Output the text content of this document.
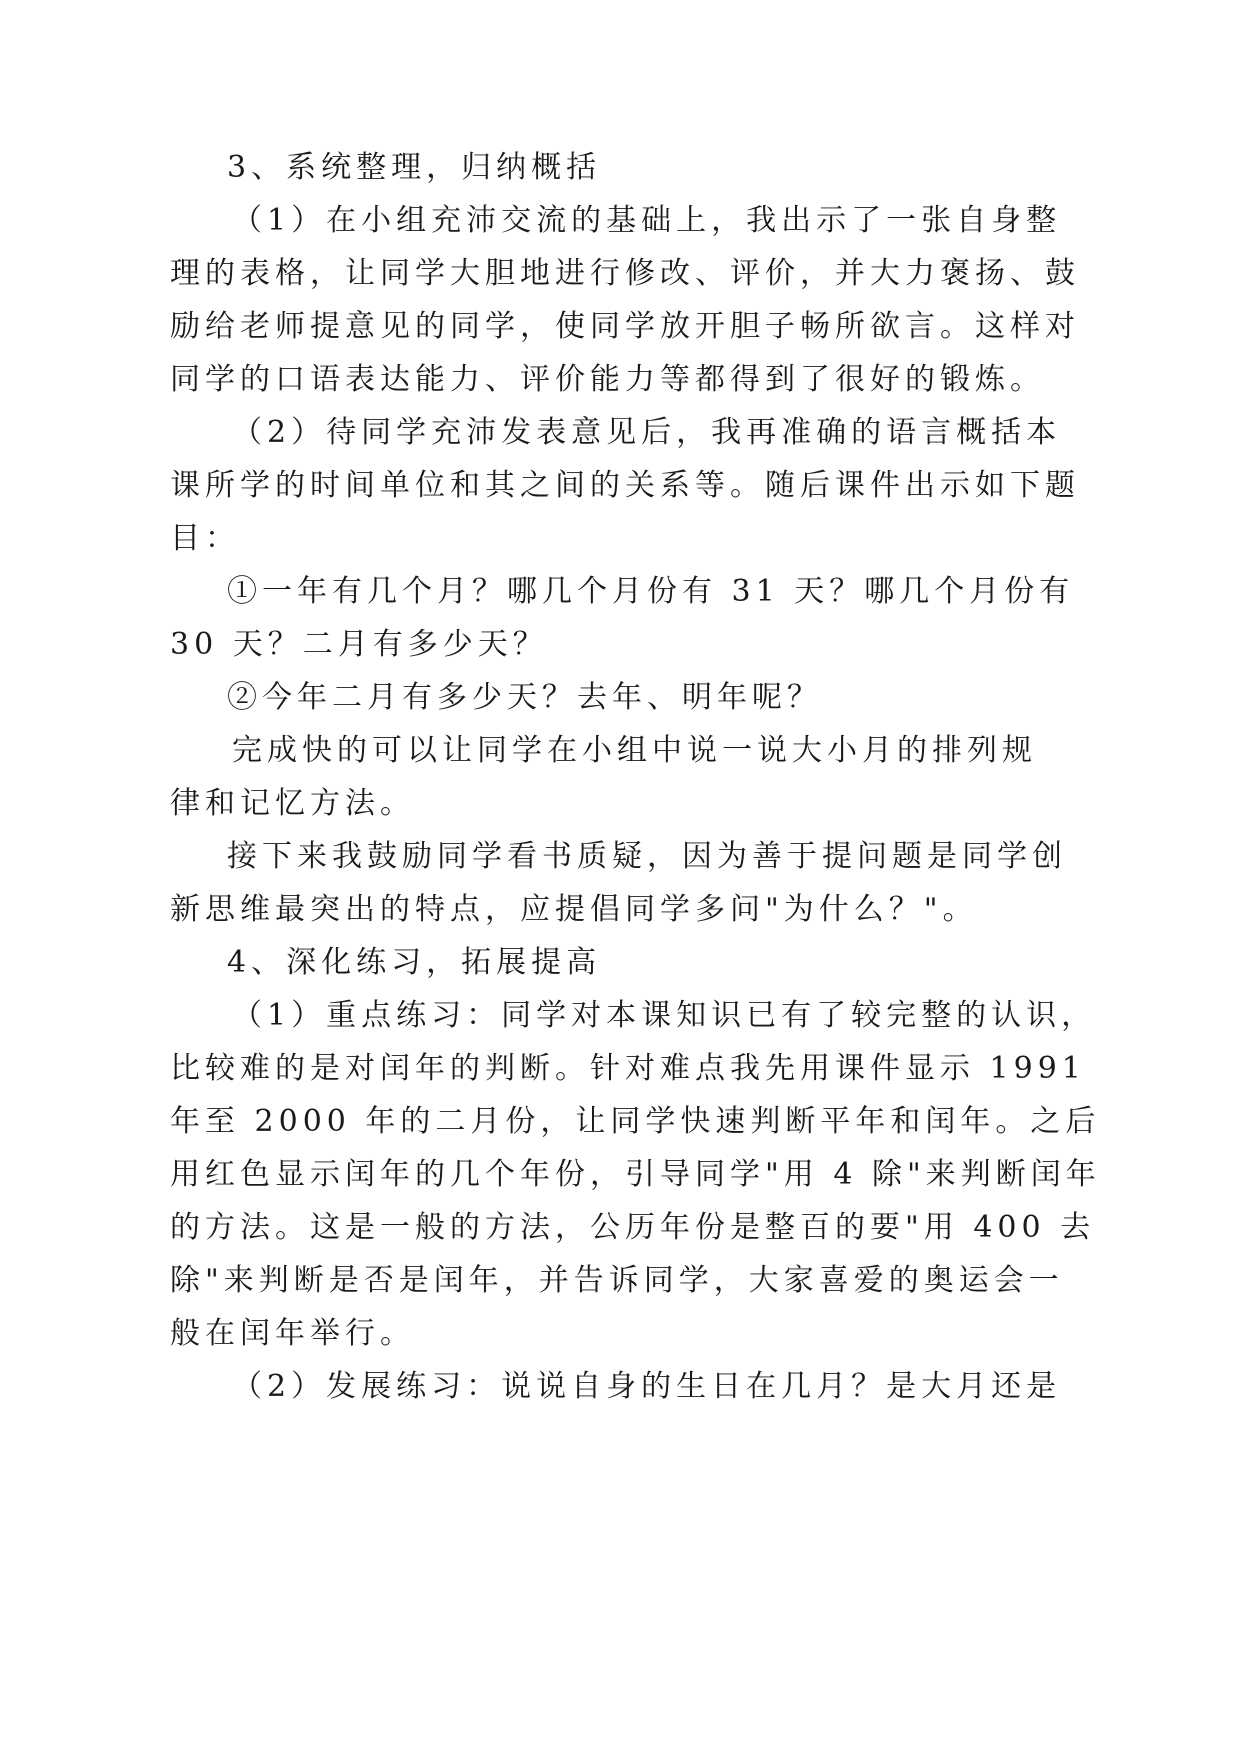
3、系统整理，归纳概括
（1）在小组充沛交流的基础上，我出示了一张自身整
理的表格，让同学大胆地进行修改、评价，并大力褒扬、鼓
励给老师提意见的同学，使同学放开胆子畅所欲言。这样对
同学的口语表达能力、评价能力等都得到了很好的锻炼。
（2）待同学充沛发表意见后，我再准确的语言概括本
课所学的时间单位和其之间的关系等。随后课件出示如下题
目：
①一年有几个月？哪几个月份有 31 天？哪几个月份有
30 天？二月有多少天？
②今年二月有多少天？去年、明年呢？
完成快的可以让同学在小组中说一说大小月的排列规
律和记忆方法。
接下来我鼓励同学看书质疑，因为善于提问题是同学创
新思维最突出的特点，应提倡同学多问"为什么？"。
4、深化练习，拓展提高
（1）重点练习：同学对本课知识已有了较完整的认识，
比较难的是对闰年的判断。针对难点我先用课件显示 1991
年至 2000 年的二月份，让同学快速判断平年和闰年。之后
用红色显示闰年的几个年份，引导同学"用 4 除"来判断闰年
的方法。这是一般的方法，公历年份是整百的要"用 400 去
除"来判断是否是闰年，并告诉同学，大家喜爱的奥运会一
般在闰年举行。
（2）发展练习：说说自身的生日在几月？是大月还是
